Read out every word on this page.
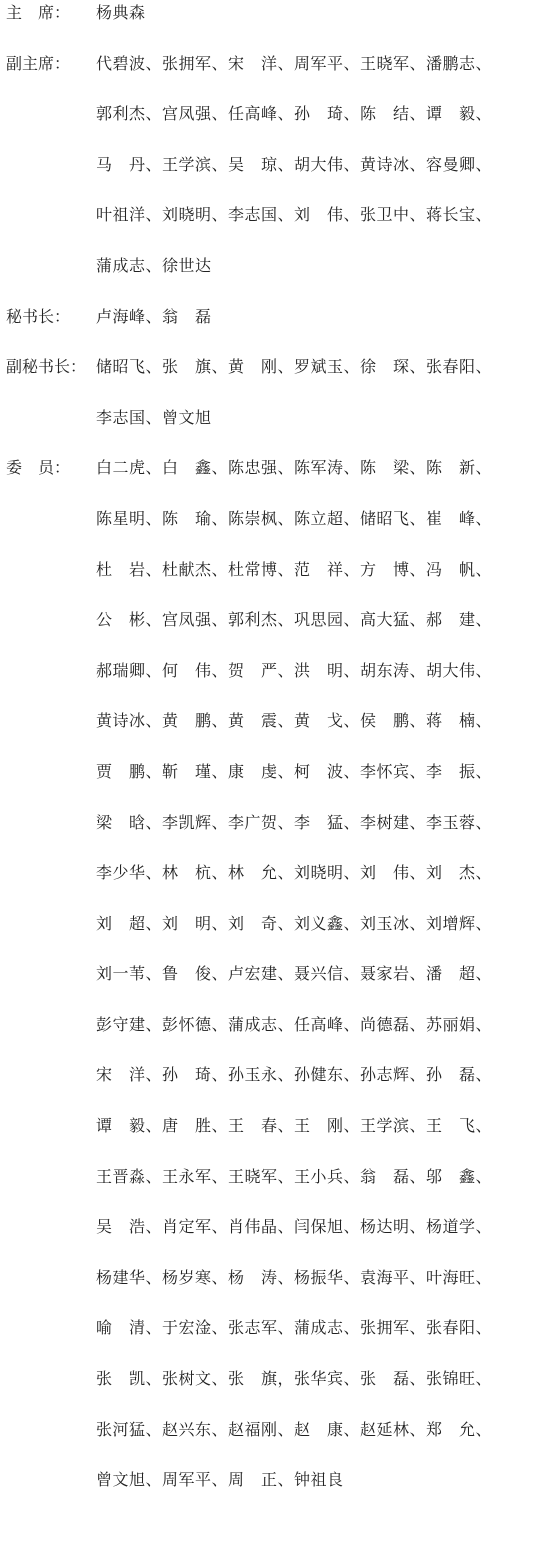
主　席： 杨典森
副主席： 代碧波、张拥军、宋　洋、周军平、王晓军、潘鹏志、
郭利杰、宫凤强、任高峰、孙　琦、陈　结、谭　毅、
马　丹、王学滨、吴　琼、胡大伟、黄诗冰、容曼卿、
叶祖洋、刘晓明、李志国、刘　伟、张卫中、蒋长宝、
蒲成志、徐世达
秘书长： 卢海峰、翁　磊
副秘书长： 储昭飞、张　旗、黄　刚、罗斌玉、徐　琛、张春阳、
李志国、曾文旭
委　员： 白二虎、白　鑫、陈忠强、陈军涛、陈　梁、陈　新、
陈星明、陈　瑜、陈崇枫、陈立超、储昭飞、崔　峰、
杜　岩、杜献杰、杜常博、范　祥、方　博、冯　帆、
公　彬、宫凤强、郭利杰、巩思园、高大猛、郝　建、
郝瑞卿、何　伟、贺　严、洪　明、胡东涛、胡大伟、
黄诗冰、黄　鹏、黄　震、黄　戈、侯　鹏、蒋　楠、
贾　鹏、靳　瑾、康　虔、柯　波、李怀宾、李　振、
梁　晗、李凯辉、李广贺、李　猛、李树建、李玉蓉、
李少华、林　杭、林　允、刘晓明、刘　伟、刘　杰、
刘　超、刘　明、刘　奇、刘义鑫、刘玉冰、刘增辉、
刘一苇、鲁　俊、卢宏建、聂兴信、聂家岩、潘　超、
彭守建、彭怀德、蒲成志、任高峰、尚德磊、苏丽娟、
宋　洋、孙　琦、孙玉永、孙健东、孙志辉、孙　磊、
谭　毅、唐　胜、王　春、王　刚、王学滨、王　飞、
王晋淼、王永军、王晓军、王小兵、翁　磊、邬　鑫、
吴　浩、肖定军、肖伟晶、闫保旭、杨达明、杨道学、
杨建华、杨岁寒、杨　涛、杨振华、袁海平、叶海旺、
喻　清、于宏淦、张志军、蒲成志、张拥军、张春阳、
张　凯、张树文、张　旗，张华宾、张　磊、张锦旺、
张河猛、赵兴东、赵福刚、赵　康、赵延林、郑　允、
曾文旭、周军平、周　正、钟祖良
